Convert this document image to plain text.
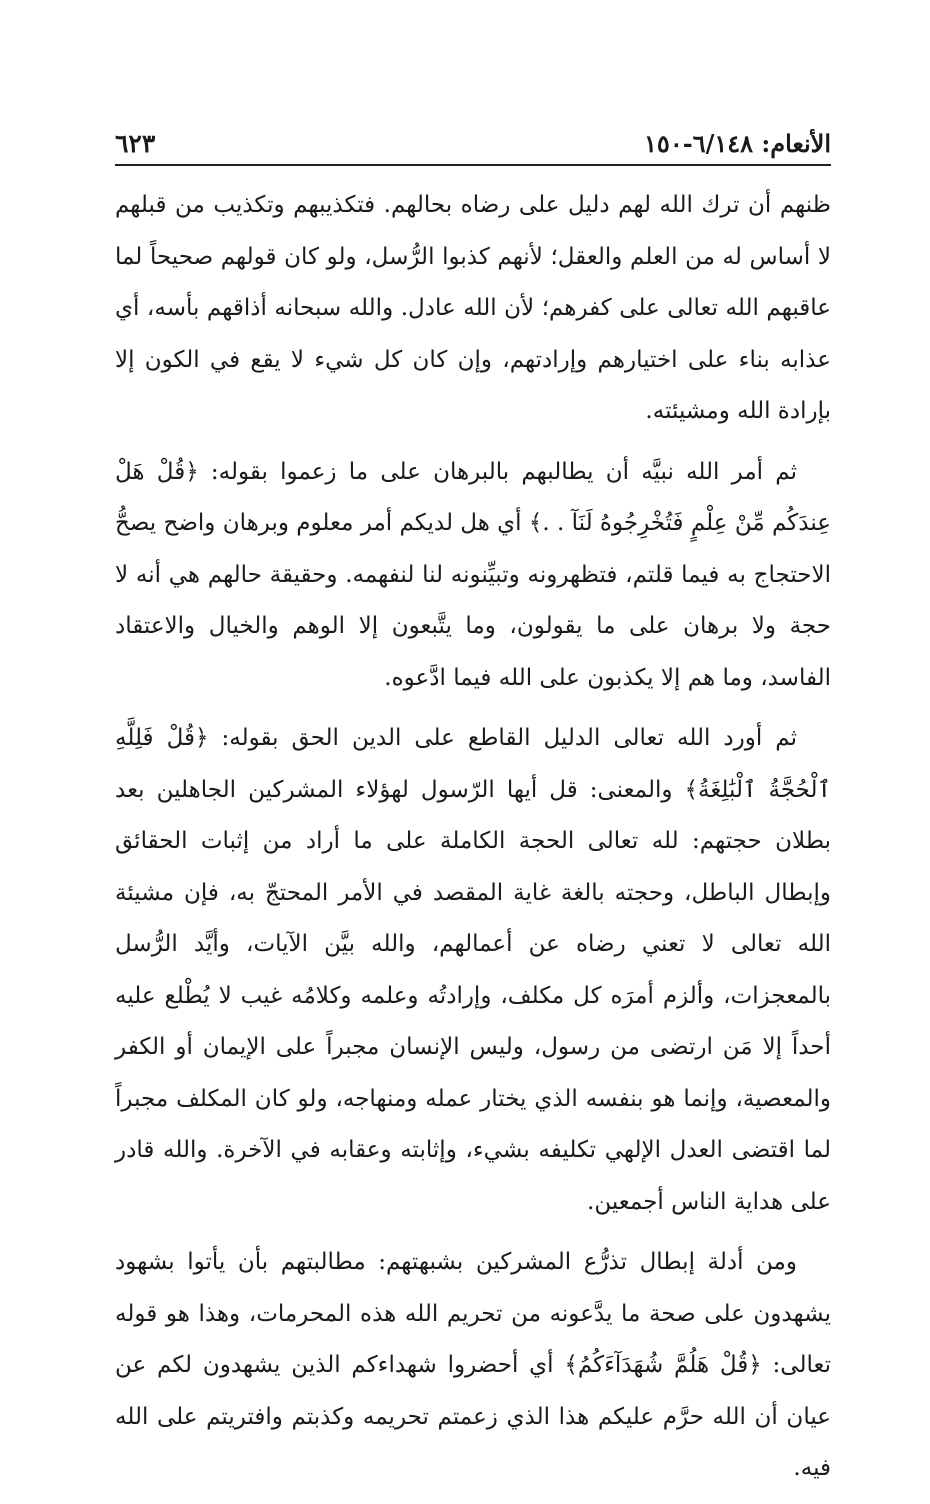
الأنعام: ٦/١٤٨-١٥٠
٦٢٣

ظنهم أن ترك الله لهم دليل على رضاه بحالهم. فتكذيبهم وتكذيب من قبلهم لا أساس له من العلم والعقل؛ لأنهم كذبوا الرُّسل، ولو كان قولهم صحيحاً لما عاقبهم الله تعالى على كفرهم؛ لأن الله عادل. والله سبحانه أذاقهم بأسه، أي عذابه بناء على اختيارهم وإرادتهم، وإن كان كل شيء لا يقع في الكون إلا بإرادة الله ومشيئته.

ثم أمر الله نبيَّه أن يطالبهم بالبرهان على ما زعموا بقوله: ﴿قُلْ هَلْ عِندَكُم مِّنْ عِلْمٍ فَتُخْرِجُوهُ لَنَآ . .﴾ أي هل لديكم أمر معلوم وبرهان واضح يصحُّ الاحتجاج به فيما قلتم، فتظهرونه وتبيِّنونه لنا لنفهمه. وحقيقة حالهم هي أنه لا حجة ولا برهان على ما يقولون، وما يتَّبعون إلا الوهم والخيال والاعتقاد الفاسد، وما هم إلا يكذبون على الله فيما ادَّعوه.

ثم أورد الله تعالى الدليل القاطع على الدين الحق بقوله: ﴿قُلْ فَلِلَّهِ ٱلْحُجَّةُ ٱلْبَٰلِغَةُ﴾ والمعنى: قل أيها الرّسول لهؤلاء المشركين الجاهلين بعد بطلان حجتهم: لله تعالى الحجة الكاملة على ما أراد من إثبات الحقائق وإبطال الباطل، وحجته بالغة غاية المقصد في الأمر المحتجّ به، فإن مشيئة الله تعالى لا تعني رضاه عن أعمالهم، والله بيَّن الآيات، وأيَّد الرُّسل بالمعجزات، وألزم أمرَه كل مكلف، وإرادتُه وعلمه وكلامُه غيب لا يُطْلع عليه أحداً إلا مَن ارتضى من رسول، وليس الإنسان مجبراً على الإيمان أو الكفر والمعصية، وإنما هو بنفسه الذي يختار عمله ومنهاجه، ولو كان المكلف مجبراً لما اقتضى العدل الإلهي تكليفه بشيء، وإثابته وعقابه في الآخرة. والله قادر على هداية الناس أجمعين.

ومن أدلة إبطال تذرُّع المشركين بشبهتهم: مطالبتهم بأن يأتوا بشهود يشهدون على صحة ما يدَّعونه من تحريم الله هذه المحرمات، وهذا هو قوله تعالى: ﴿قُلْ هَلُمَّ شُهَدَآءَكُمُ﴾ أي أحضروا شهداءكم الذين يشهدون لكم عن عيان أن الله حرَّم عليكم هذا الذي زعمتم تحريمه وكذبتم وافتريتم على الله فيه.
